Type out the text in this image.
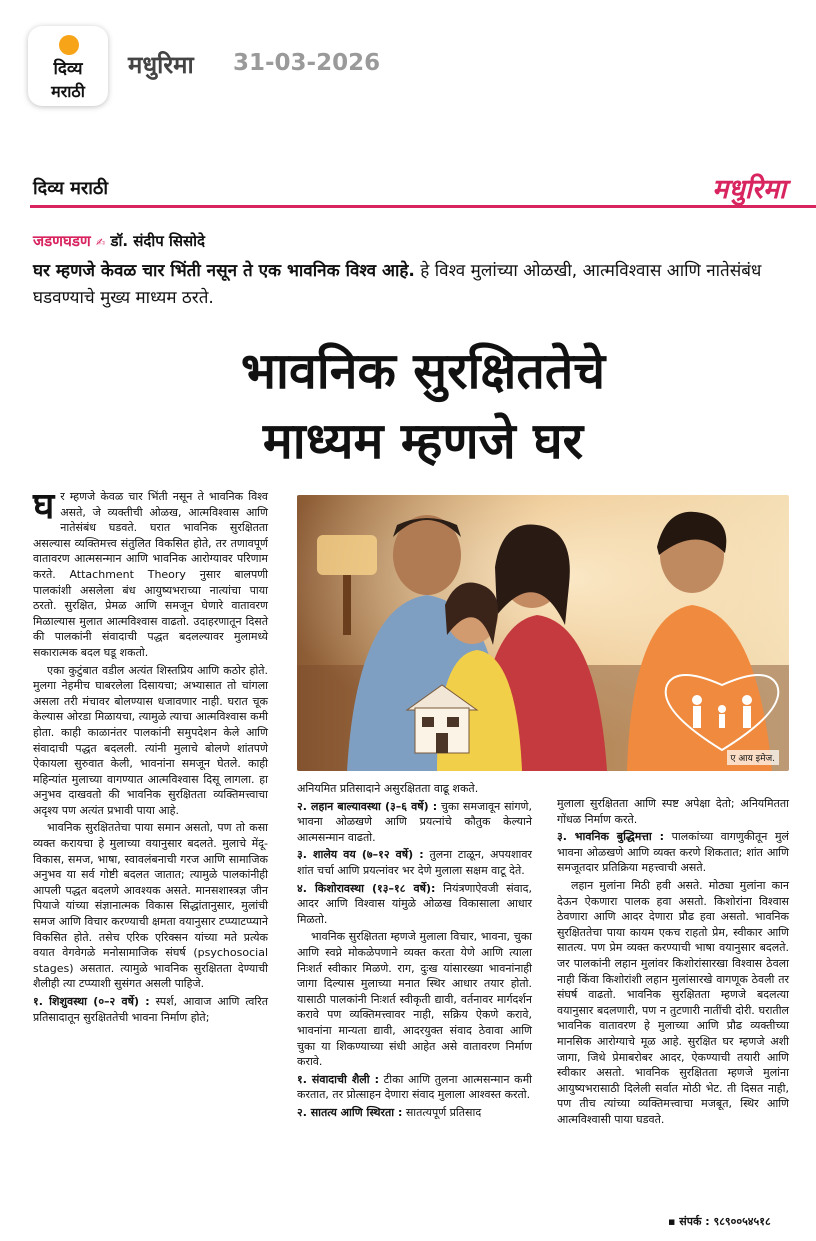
दिव्य
मराठी
मधुरिमा 31-03-2026
दिव्य मराठी	मधुरिमा
जडणघडण ✍ डॉ. संदीप सिसोदे
घर म्हणजे केवळ चार भिंती नसून ते एक भावनिक विश्व आहे. हे विश्व मुलांच्या ओळखी, आत्मविश्वास आणि नातेसंबंध घडवण्याचे मुख्य माध्यम ठरते.
भावनिक सुरक्षिततेचे
माध्यम म्हणजे घर

घर म्हणजे केवळ चार भिंती नसून ते भावनिक विश्व असते, जे व्यक्तीची ओळख, आत्मविश्वास आणि नातेसंबंध घडवते. घरात भावनिक सुरक्षितता असल्यास व्यक्तिमत्त्व संतुलित विकसित होते, तर तणावपूर्ण वातावरण आत्मसन्मान आणि भावनिक आरोग्यावर परिणाम करते. Attachment Theory नुसार बालपणी पालकांशी असलेला बंध आयुष्यभराच्या नात्यांचा पाया ठरतो. सुरक्षित, प्रेमळ आणि समजून घेणारे वातावरण मिळाल्यास मुलात आत्मविश्वास वाढतो. उदाहरणातून दिसते की पालकांनी संवादाची पद्धत बदलल्यावर मुलामध्ये सकारात्मक बदल घडू शकतो.

एका कुटुंबात वडील अत्यंत शिस्तप्रिय आणि कठोर होते. मुलगा नेहमीच घाबरलेला दिसायचा; अभ्यासात तो चांगला असला तरी मंचावर बोलण्यास धजावणार नाही. घरात चूक केल्यास ओरडा मिळायचा, त्यामुळे त्याचा आत्मविश्वास कमी होता. काही काळानंतर पालकांनी समुपदेशन केले आणि संवादाची पद्धत बदलली. त्यांनी मुलाचे बोलणे शांतपणे ऐकायला सुरुवात केली, भावनांना समजून घेतले. काही महिन्यांत मुलाच्या वागण्यात आत्मविश्वास दिसू लागला. हा अनुभव दाखवतो की भावनिक सुरक्षितता व्यक्तिमत्त्वाचा अदृश्य पण अत्यंत प्रभावी पाया आहे.

भावनिक सुरक्षिततेचा पाया समान असतो, पण तो कसा व्यक्त करायचा हे मुलाच्या वयानुसार बदलते. मुलाचे मेंदू-विकास, समज, भाषा, स्वावलंबनाची गरज आणि सामाजिक अनुभव या सर्व गोष्टी बदलत जातात; त्यामुळे पालकांनीही आपली पद्धत बदलणे आवश्यक असते. मानसशास्त्रज्ञ जीन पियाजे यांच्या संज्ञानात्मक विकास सिद्धांतानुसार, मुलांची समज आणि विचार करण्याची क्षमता वयानुसार टप्प्याटप्प्याने विकसित होते. तसेच एरिक एरिक्सन यांच्या मते प्रत्येक वयात वेगवेगळे मनोसामाजिक संघर्ष (psychosocial stages) असतात. त्यामुळे भावनिक सुरक्षितता देण्याची शैलीही त्या टप्प्याशी सुसंगत असली पाहिजे.

१. शिशुवस्था (०–२ वर्षे) : स्पर्श, आवाज आणि त्वरित प्रतिसादातून सुरक्षिततेची भावना निर्माण होते;

ए आय इमेज.

अनियमित प्रतिसादाने असुरक्षितता वाढू शकते.

२. लहान बाल्यावस्था (३–६ वर्षे) : चुका समजावून सांगणे, भावना ओळखणे आणि प्रयत्नांचे कौतुक केल्याने आत्मसन्मान वाढतो.

३. शालेय वय (७–१२ वर्षे) : तुलना टाळून, अपयशावर शांत चर्चा आणि प्रयत्नांवर भर देणे मुलाला सक्षम वाटू देते.

४. किशोरावस्था (१३–१८ वर्षे): नियंत्रणाऐवजी संवाद, आदर आणि विश्वास यांमुळे ओळख विकासाला आधार मिळतो.

भावनिक सुरक्षितता म्हणजे मुलाला विचार, भावना, चुका आणि स्वप्ने मोकळेपणाने व्यक्त करता येणे आणि त्याला निःशर्त स्वीकार मिळणे. राग, दुःख यांसारख्या भावनांनाही जागा दिल्यास मुलाच्या मनात स्थिर आधार तयार होतो. यासाठी पालकांनी निःशर्त स्वीकृती द्यावी, वर्तनावर मार्गदर्शन करावे पण व्यक्तिमत्त्वावर नाही, सक्रिय ऐकणे करावे, भावनांना मान्यता द्यावी, आदरयुक्त संवाद ठेवावा आणि चुका या शिकण्याच्या संधी आहेत असे वातावरण निर्माण करावे.

१. संवादाची शैली : टीका आणि तुलना आत्मसन्मान कमी करतात, तर प्रोत्साहन देणारा संवाद मुलाला आश्वस्त करतो.

२. सातत्य आणि स्थिरता : सातत्यपूर्ण प्रतिसाद

मुलाला सुरक्षितता आणि स्पष्ट अपेक्षा देतो; अनियमितता गोंधळ निर्माण करते.

३. भावनिक बुद्धिमत्ता : पालकांच्या वागणुकीतून मुलं भावना ओळखणे आणि व्यक्त करणे शिकतात; शांत आणि समजूतदार प्रतिक्रिया महत्त्वाची असते.

लहान मुलांना मिठी हवी असते. मोठ्या मुलांना कान देऊन ऐकणारा पालक हवा असतो. किशोरांना विश्वास ठेवणारा आणि आदर देणारा प्रौढ हवा असतो. भावनिक सुरक्षिततेचा पाया कायम एकच राहतो प्रेम, स्वीकार आणि सातत्य. पण प्रेम व्यक्त करण्याची भाषा वयानुसार बदलते. जर पालकांनी लहान मुलांवर किशोरांसारखा विश्वास ठेवला नाही किंवा किशोरांशी लहान मुलांसारखे वागणूक ठेवली तर संघर्ष वाढतो. भावनिक सुरक्षितता म्हणजे बदलत्या वयानुसार बदलणारी, पण न तुटणारी नातींची दोरी. घरातील भावनिक वातावरण हे मुलाच्या आणि प्रौढ व्यक्तीच्या मानसिक आरोग्याचे मूळ आहे. सुरक्षित घर म्हणजे अशी जागा, जिथे प्रेमाबरोबर आदर, ऐकण्याची तयारी आणि स्वीकार असतो. भावनिक सुरक्षितता म्हणजे मुलांना आयुष्यभरासाठी दिलेली सर्वात मोठी भेट. ती दिसत नाही, पण तीच त्यांच्या व्यक्तिमत्त्वाचा मजबूत, स्थिर आणि आत्मविश्वासी पाया घडवते.

▪ संपर्क : ९८९००५४५१८
